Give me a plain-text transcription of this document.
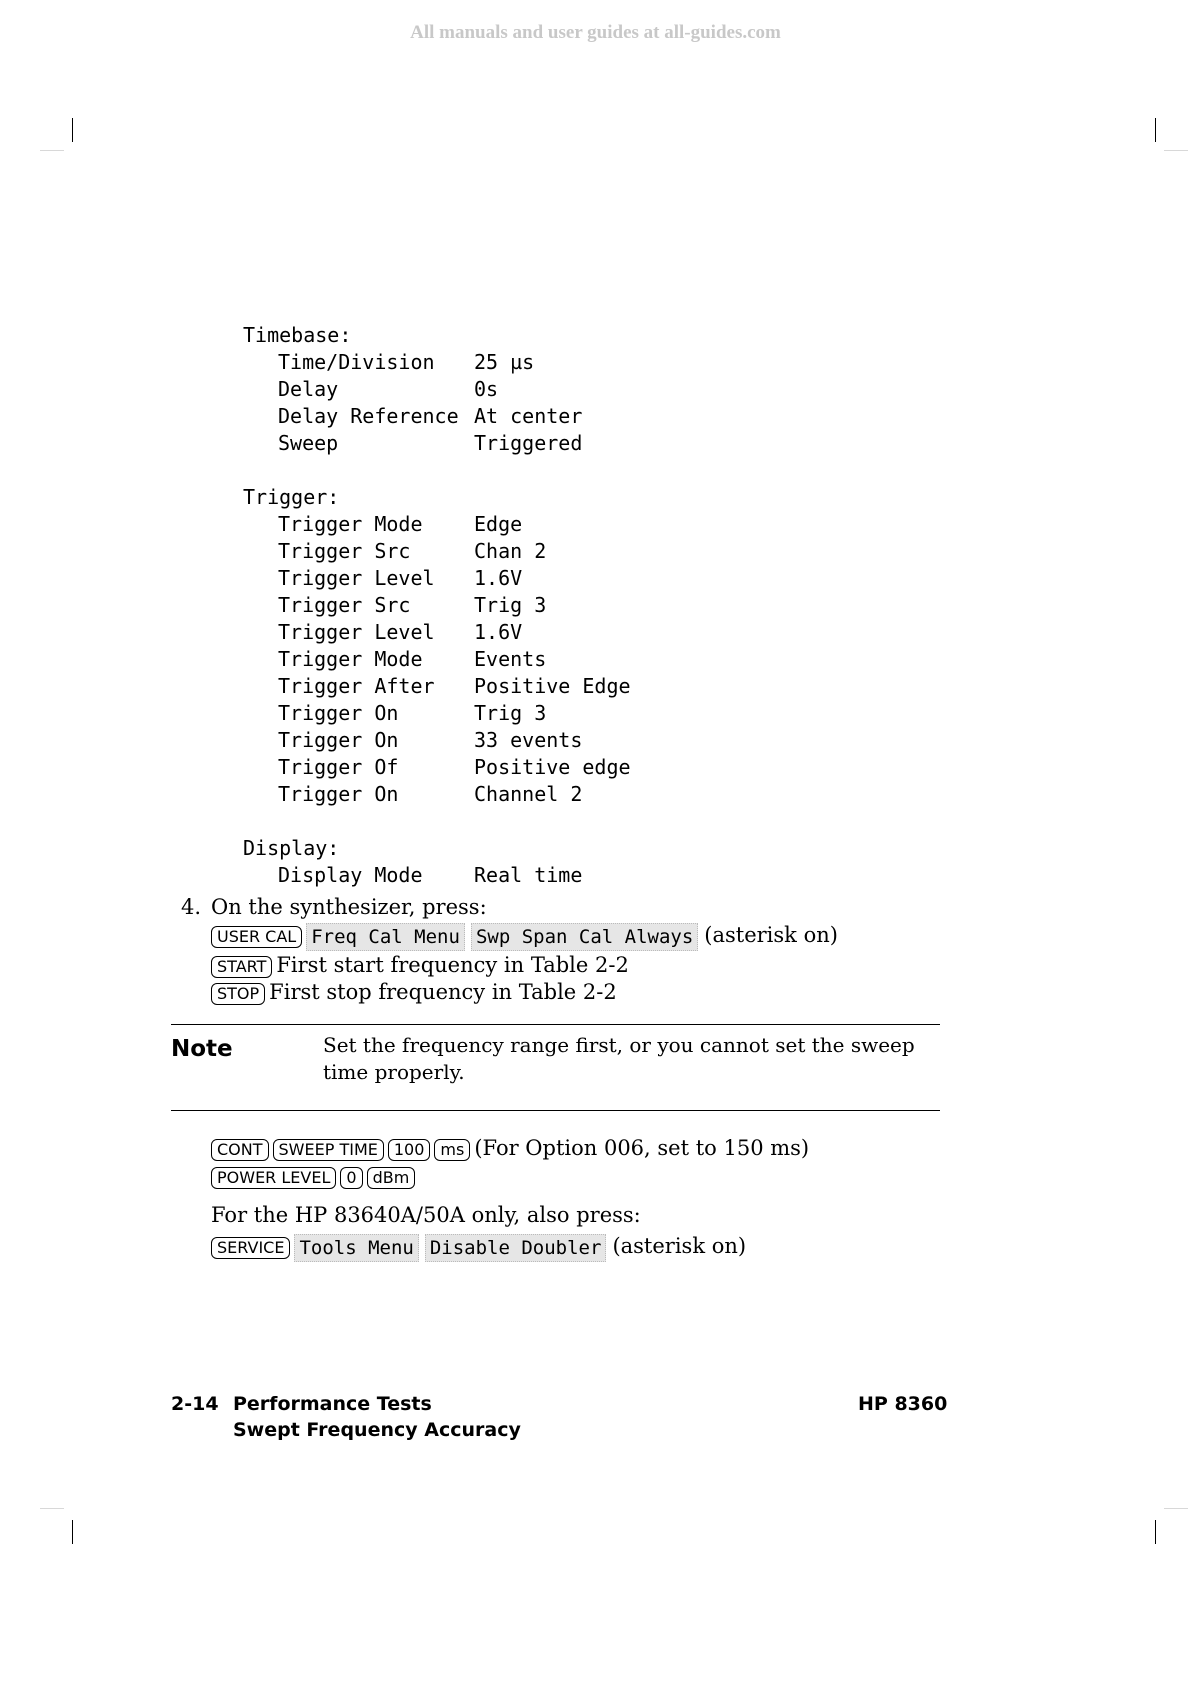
All manuals and user guides at all-guides.com
Timebase:
Time/Division 25 µs
Delay	0s
Delay Reference At center
Sweep	Triggered
Trigger:
Trigger Mode	Edge
Trigger Src	Chan 2
Trigger Level 1.6V
Trigger Src	Trig 3
Trigger Level 1.6V
Trigger Mode	Events
Trigger After Positive Edge
Trigger On	Trig 3
Trigger On	33 events
Trigger Of	Positive edge
Trigger On	Channel 2
Display:
Display Mode	Real time
4. On the synthesizer, press:
USER CAL Freq Cal Menu Swp Span Cal Always (asterisk on)
START First start frequency in Table 2-2
STOP First stop frequency in Table 2-2
Note	Set the frequency range first, or you cannot set the sweep time properly.
CONT SWEEP TIME 100 ms (For Option 006, set to 150 ms)
POWER LEVEL 0 dBm
For the HP 83640A/50A only, also press:
SERVICE Tools Menu Disable Doubler (asterisk on)
2-14 Performance Tests
Swept Frequency Accuracy
HP 8360
